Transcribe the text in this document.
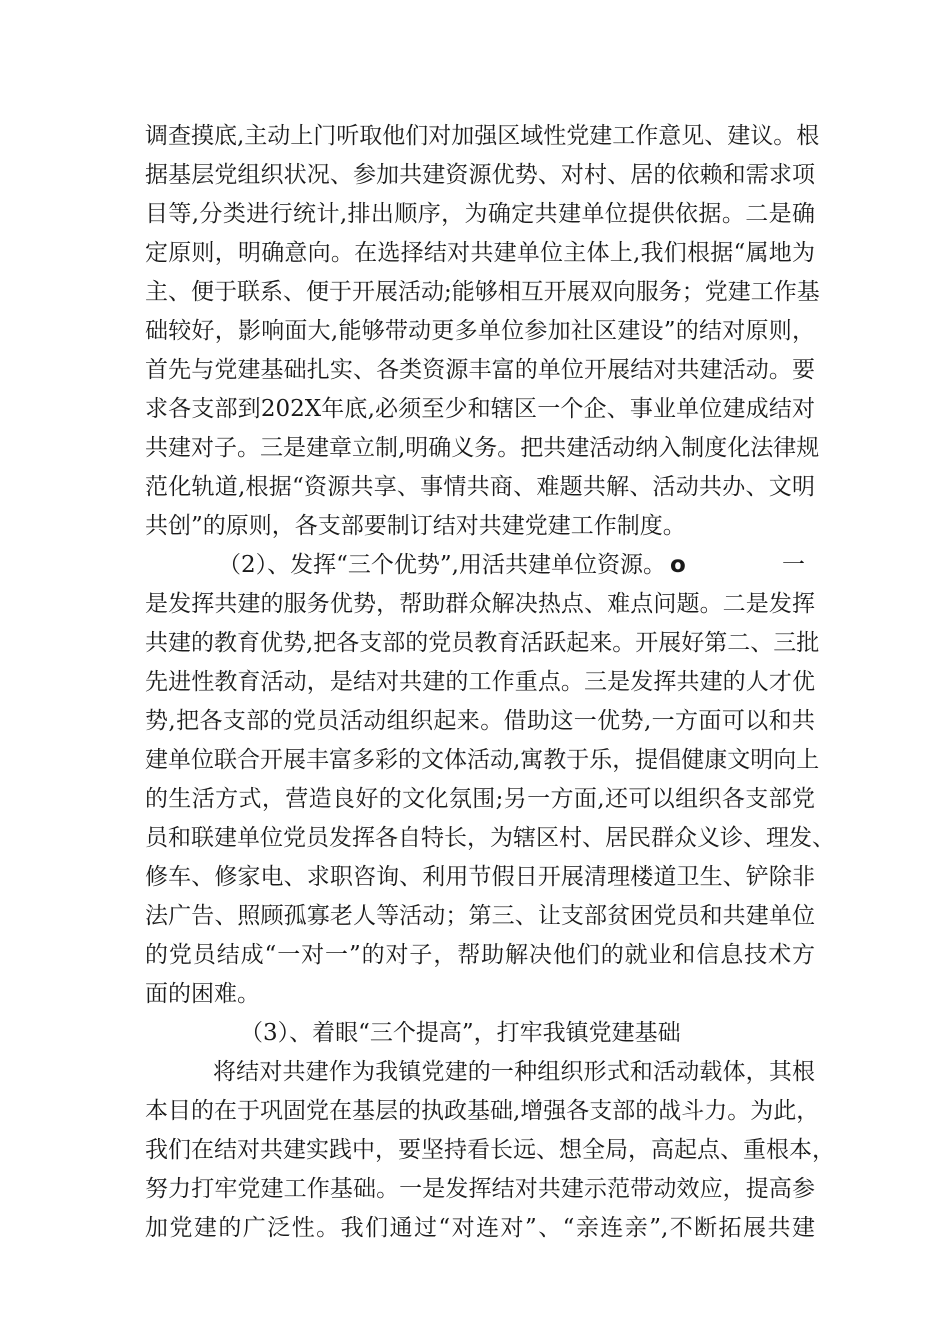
调查摸底,主动上门听取他们对加强区域性党建工作意见、建议。根
据基层党组织状况、参加共建资源优势、对村、居的依赖和需求项
目等,分类进行统计,排出顺序，为确定共建单位提供依据。二是确
定原则，明确意向。在选择结对共建单位主体上,我们根据“属地为
主、便于联系、便于开展活动;能够相互开展双向服务；党建工作基
础较好，影响面大,能够带动更多单位参加社区建设”的结对原则，
首先与党建基础扎实、各类资源丰富的单位开展结对共建活动。要
求各支部到202X年底,必须至少和辖区一个企、事业单位建成结对
共建对子。三是建章立制,明确义务。把共建活动纳入制度化法律规
范化轨道,根据“资源共享、事情共商、难题共解、活动共办、文明
共创”的原则，各支部要制订结对共建党建工作制度。
（2）、发挥“三个优势”,用活共建单位资源。 o	一
是发挥共建的服务优势，帮助群众解决热点、难点问题。二是发挥
共建的教育优势,把各支部的党员教育活跃起来。开展好第二、三批
先进性教育活动，是结对共建的工作重点。三是发挥共建的人才优
势,把各支部的党员活动组织起来。借助这一优势,一方面可以和共
建单位联合开展丰富多彩的文体活动,寓教于乐，提倡健康文明向上
的生活方式，营造良好的文化氛围;另一方面,还可以组织各支部党
员和联建单位党员发挥各自特长，为辖区村、居民群众义诊、理发、
修车、修家电、求职咨询、利用节假日开展清理楼道卫生、铲除非
法广告、照顾孤寡老人等活动；第三、让支部贫困党员和共建单位
的党员结成“一对一”的对子，帮助解决他们的就业和信息技术方
面的困难。
（3）、着眼“三个提高”，打牢我镇党建基础
将结对共建作为我镇党建的一种组织形式和活动载体，其根
本目的在于巩固党在基层的执政基础,增强各支部的战斗力。为此，
我们在结对共建实践中，要坚持看长远、想全局，高起点、重根本，
努力打牢党建工作基础。一是发挥结对共建示范带动效应，提高参
加党建的广泛性。我们通过“对连对”、“亲连亲”,不断拓展共建
